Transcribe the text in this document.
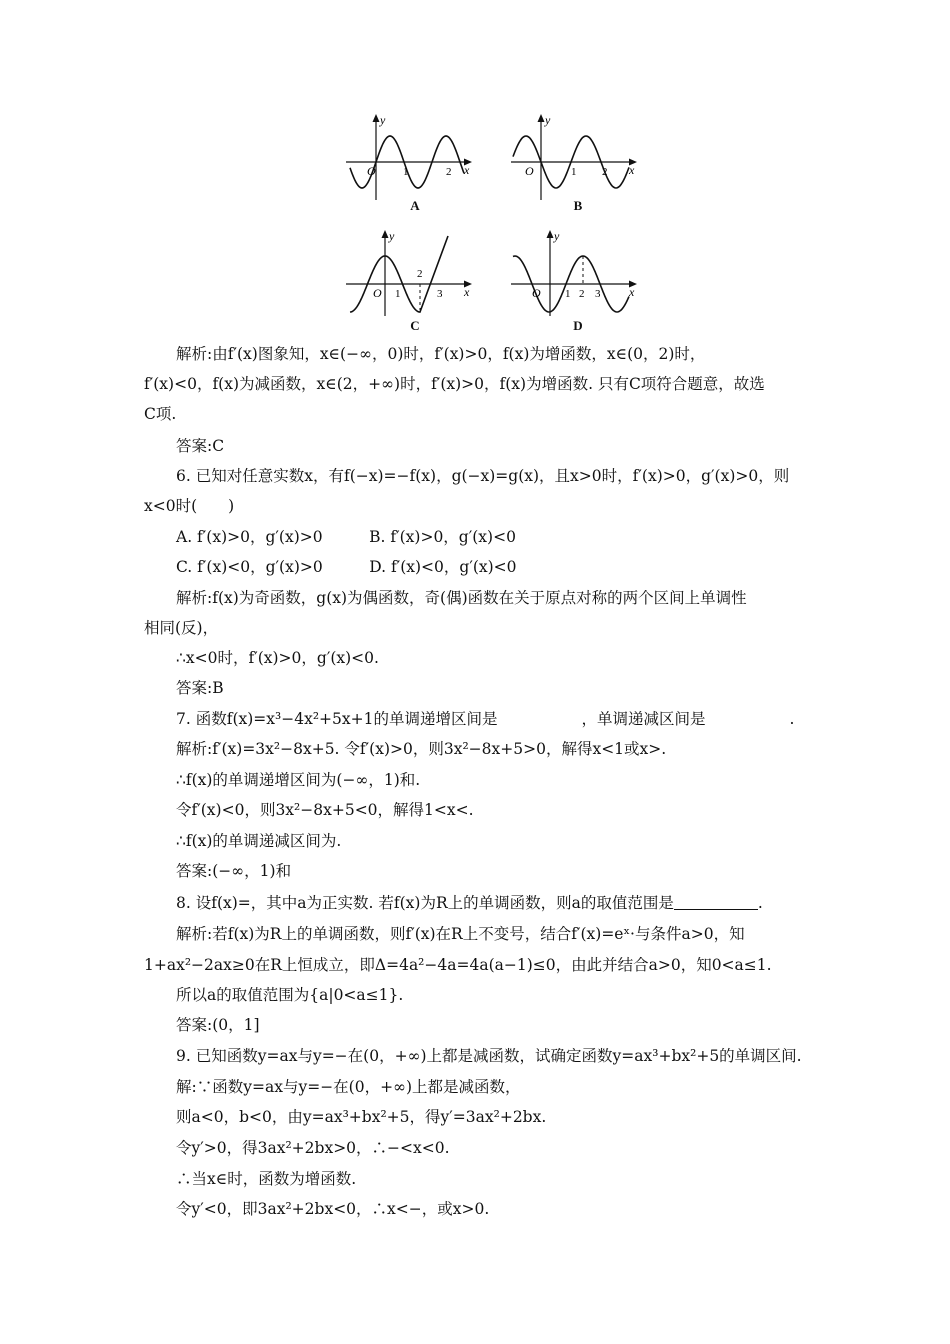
y
x
O 1	2
A
y
x
O	1 2
B
y
x
O 1
2
3
C
y
x
O 1 2 3
D
解析:由f′(x)图象知，x∈(−∞，0)时，f′(x)>0，f(x)为增函数，x∈(0，2)时，
f′(x)<0，f(x)为减函数，x∈(2，+∞)时，f′(x)>0，f(x)为增函数. 只有C项符合题意，故选
C项.
答案:C
6. 已知对任意实数x，有f(−x)=−f(x)，g(−x)=g(x)，且x>0时，f′(x)>0，g′(x)>0，则
x<0时(　　)
A. f′(x)>0，g′(x)>0　　　B. f′(x)>0，g′(x)<0
C. f′(x)<0，g′(x)>0　　　D. f′(x)<0，g′(x)<0
解析:f(x)为奇函数，g(x)为偶函数，奇(偶)函数在关于原点对称的两个区间上单调性
相同(反)，
∴x<0时，f′(x)>0，g′(x)<0.
答案:B
7. 函数f(x)=x³−4x²+5x+1的单调递增区间是	，单调递减区间是	.
解析:f′(x)=3x²−8x+5. 令f′(x)>0，则3x²−8x+5>0，解得x<1或x>.
∴f(x)的单调递增区间为(−∞，1)和.
令f′(x)<0，则3x²−8x+5<0，解得1<x<.
∴f(x)的单调递减区间为.
答案:(−∞，1)和
8. 设f(x)=，其中a为正实数. 若f(x)为R上的单调函数，则a的取值范围是	.
解析:若f(x)为R上的单调函数，则f′(x)在R上不变号，结合f′(x)=eˣ·与条件a>0，知
1+ax²−2ax≥0在R上恒成立，即Δ=4a²−4a=4a(a−1)≤0，由此并结合a>0，知0<a≤1.
所以a的取值范围为{a|0<a≤1}.
答案:(0，1]
9. 已知函数y=ax与y=−在(0，+∞)上都是减函数，试确定函数y=ax³+bx²+5的单调区间.
解:∵函数y=ax与y=−在(0，+∞)上都是减函数，
则a<0，b<0，由y=ax³+bx²+5，得y′=3ax²+2bx.
令y′>0，得3ax²+2bx>0，∴−<x<0.
∴当x∈时，函数为增函数.
令y′<0，即3ax²+2bx<0，∴x<−，或x>0.
